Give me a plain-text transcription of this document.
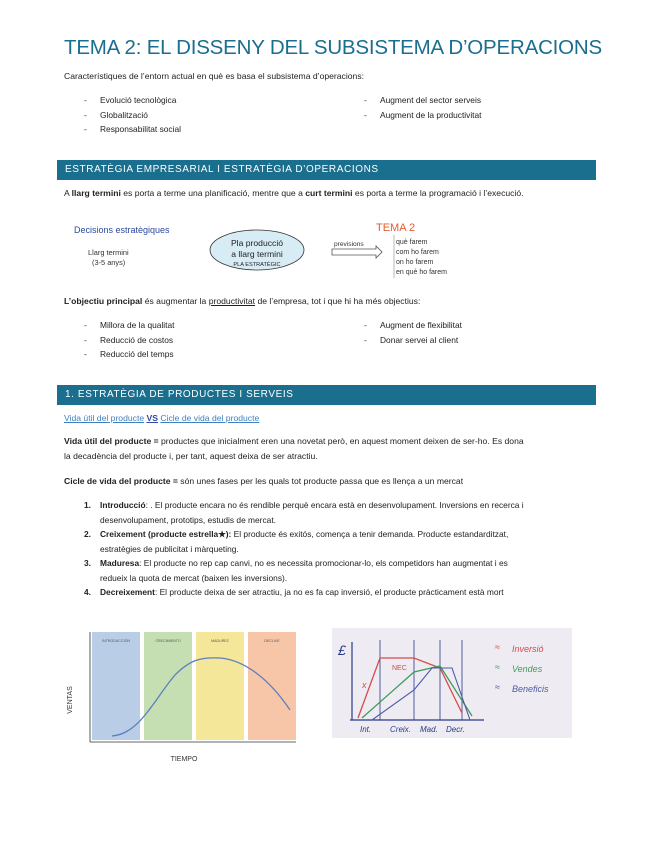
TEMA 2: EL DISSENY DEL SUBSISTEMA D’OPERACIONS
Característiques de l’entorn actual en què es basa el subsistema d’operacions:
- Evolució tecnològica
- Globalització
- Responsabilitat social
- Augment del sector serveis
- Augment de la productivitat
ESTRATÈGIA EMPRESARIAL I ESTRATÈGIA D’OPERACIONS
A llarg termini es porta a terme una planificació, mentre que a curt termini es porta a terme la programació i l’execució.
Decisions estratègiques
Llarg termini
(3-5 anys)
Pla producció
a llarg termini
PLA ESTRATÈGIC
previsions
TEMA 2
què farem
com ho farem
on ho farem
en què ho farem
L’objectiu principal és augmentar la productivitat de l’empresa, tot i que hi ha més objectius:
- Millora de la qualitat
- Reducció de costos
- Reducció del temps
- Augment de flexibilitat
- Donar servei al client
1. ESTRATÈGIA DE PRODUCTES I SERVEIS
Vida útil del producte VS Cicle de vida del producte
Vida útil del producte = productes que inicialment eren una novetat però, en aquest moment deixen de ser-ho. Es dona
la decadència del producte i, per tant, aquest deixa de ser atractiu.
Cicle de vida del producte = són unes fases per les quals tot producte passa que es llença a un mercat
1. Introducció: . El producte encara no és rendible perquè encara està en desenvolupament. Inversions en recerca i
desenvolupament, prototips, estudis de mercat.
2. Creixement (producte estrella★): El producte és exitós, comença a tenir demanda. Producte estandarditzat,
estratègies de publicitat i màrqueting.
3. Maduresa: El producte no rep cap canvi, no es necessita promocionar-lo, els competidors han augmentat i es
redueix la quota de mercat (baixen les inversions).
4. Decreixement: El producte deixa de ser atractiu, ja no es fa cap inversió, el producte pràcticament està mort
INTRODUCCIÓN	CRECIMIENTO	MADUREZ	DECLIVE
VENTAS
TIEMPO
£
x
NEC
Inversió
Vendes
Beneficis
≈
≈
≈
Int. Creix. Mad. Decr.
